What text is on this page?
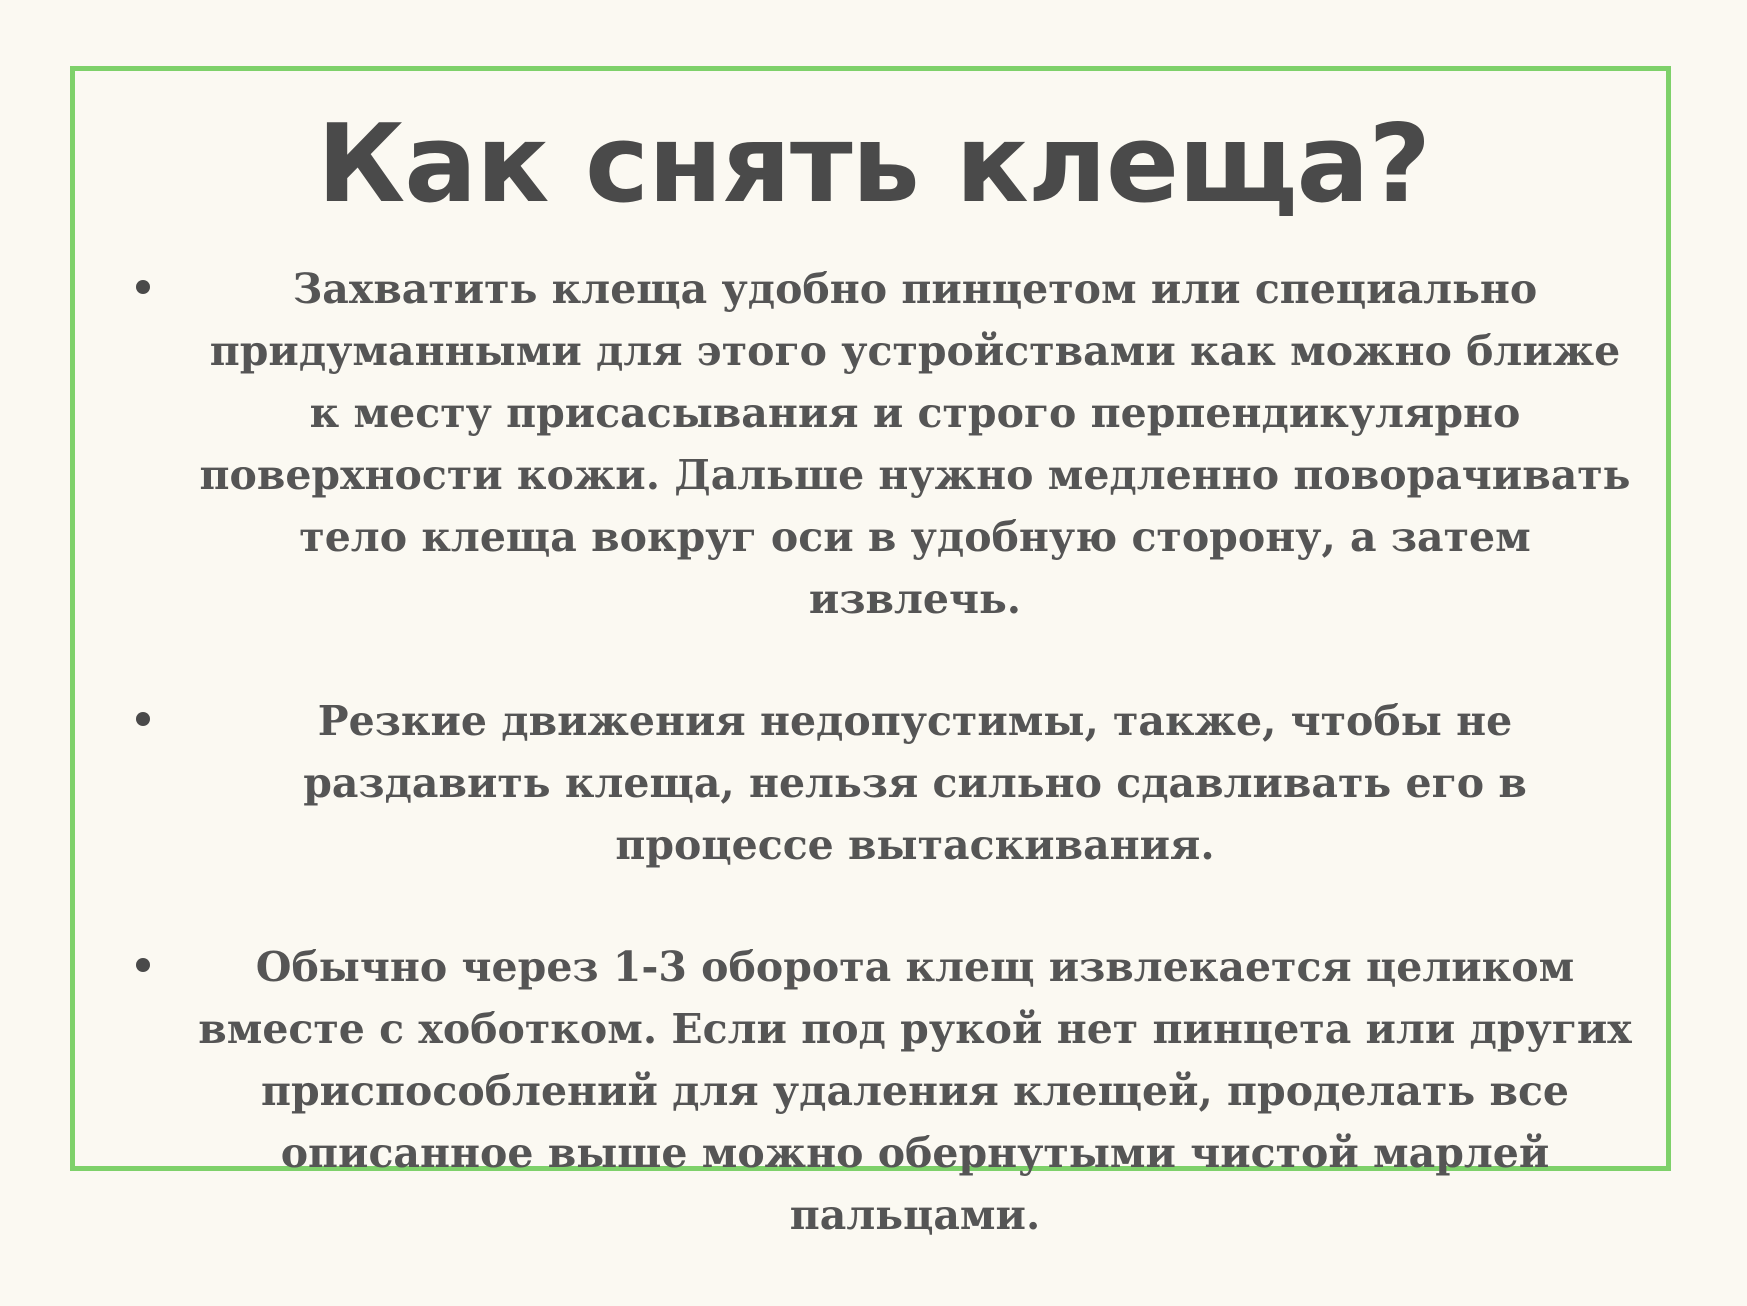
Как снять клеща?
Захватить клеща удобно пинцетом или специально придуманными для этого устройствами как можно ближе к месту присасывания и строго перпендикулярно поверхности кожи. Дальше нужно медленно поворачивать тело клеща вокруг оси в удобную сторону, а затем извлечь.
Резкие движения недопустимы, также, чтобы не раздавить клеща, нельзя сильно сдавливать его в процессе вытаскивания.
Обычно через 1-3 оборота клещ извлекается целиком вместе с хоботком. Если под рукой нет пинцета или других приспособлений для удаления клещей, проделать все описанное выше можно обернутыми чистой марлей пальцами.
